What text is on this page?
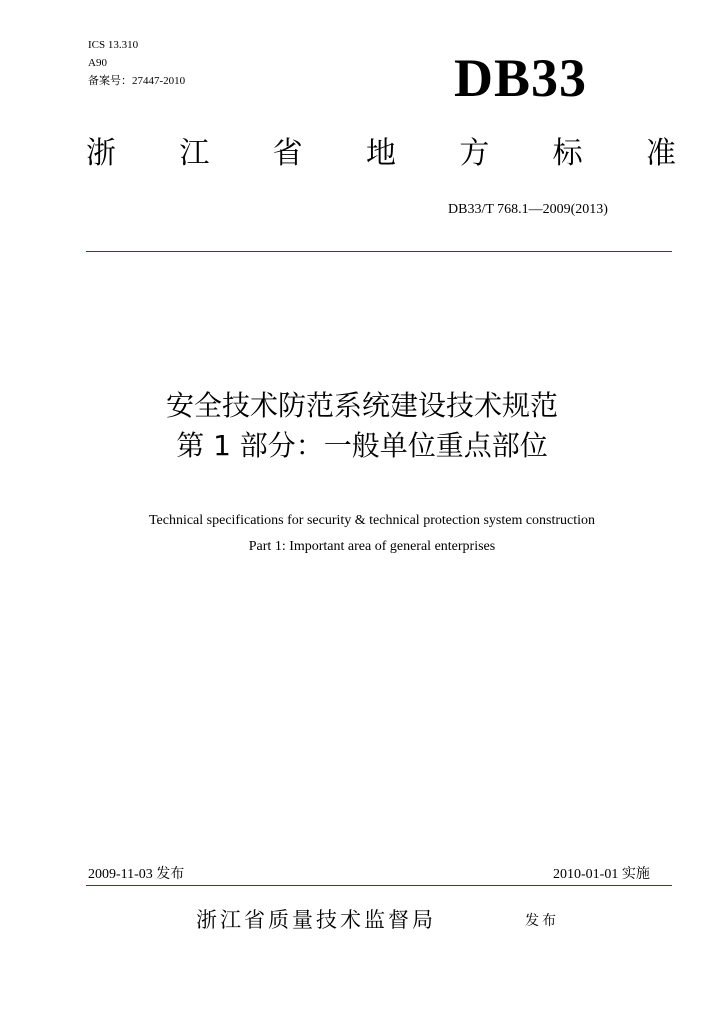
ICS 13.310
A90
备案号：27447-2010	DB33
浙 江 省 地 方 标 准
DB33/T 768.1—2009(2013)
安全技术防范系统建设技术规范
第 1 部分：一般单位重点部位
Technical specifications for security & technical protection system construction
Part 1: Important area of general enterprises
2009-11-03 发布	2010-01-01 实施
浙江省质量技术监督局	发布
